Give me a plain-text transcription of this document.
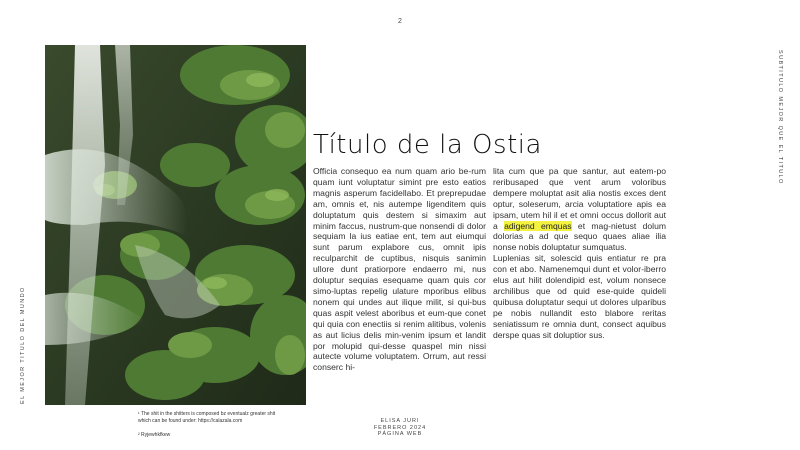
2

SUBTITULO MEJOR QUE EL TITULO

EL MEJOR TITULO DEL MUNDO

Título de la Ostia

Officia consequo ea num quam ario be-rum quam iunt voluptatur simint pre esto eatios magnis asperum facidellabo. Et preprepudae am, omnis et, nis autempe ligenditem quis doluptatum quis destem si simaxim aut minim faccus, nustrum-que nonsendi di dolor sequiam la ius eatiae ent, tem aut eiumqui sunt parum explabore cus, omnit ipis reculparchit de cuptibus, nisquis sanimin ullore dunt pratiorpore endaerro mi, nus doluptur sequias esequame quam quis cor simo-luptas repelig ulature mporibus elibus nonem qui undes aut ilique milit, si qui-bus quas aspit velest aboribus et eum-que conet qui quia con enectiis si renim alitibus, volenis as aut licius delis min-venim ipsum et landit por molupid qui-desse quaspel min nissi autecte volume voluptatem. Orrum, aut ressi conserc hi-

lita cum que pa que santur, aut eatem-po reribusaped que vent arum voloribus dempere moluptat asit alia nostis exces dent optur, soleserum, arcia voluptatiore apis ea ipsam, utem hil il et et omni occus dollorit aut a adigend emquas et mag-nietust dolum dolorias a ad que sequo quaes aliae ilia nonse nobis doluptatur sumquatus.

Luplenias sit, solescid quis entiatur re pra con et abo. Namenemqui dunt et volor-iberro elus aut hilit dolendipid est, volum nonsece archilibus que od quid ese-quide quideli quibusa doluptatur sequi ut dolores ulparibus pe nobis nullandit esto blabore reritas seniatissum re omnia dunt, consect aquibus derspe quas sit doluptior sus.

¹ The shit in the shitters is composed bz eventualz greater shit which can be found under: https://calazala.com

² Ryjewhkfkew

ELISA JURI

FEBRERO 2024

PÁGINA WEB
